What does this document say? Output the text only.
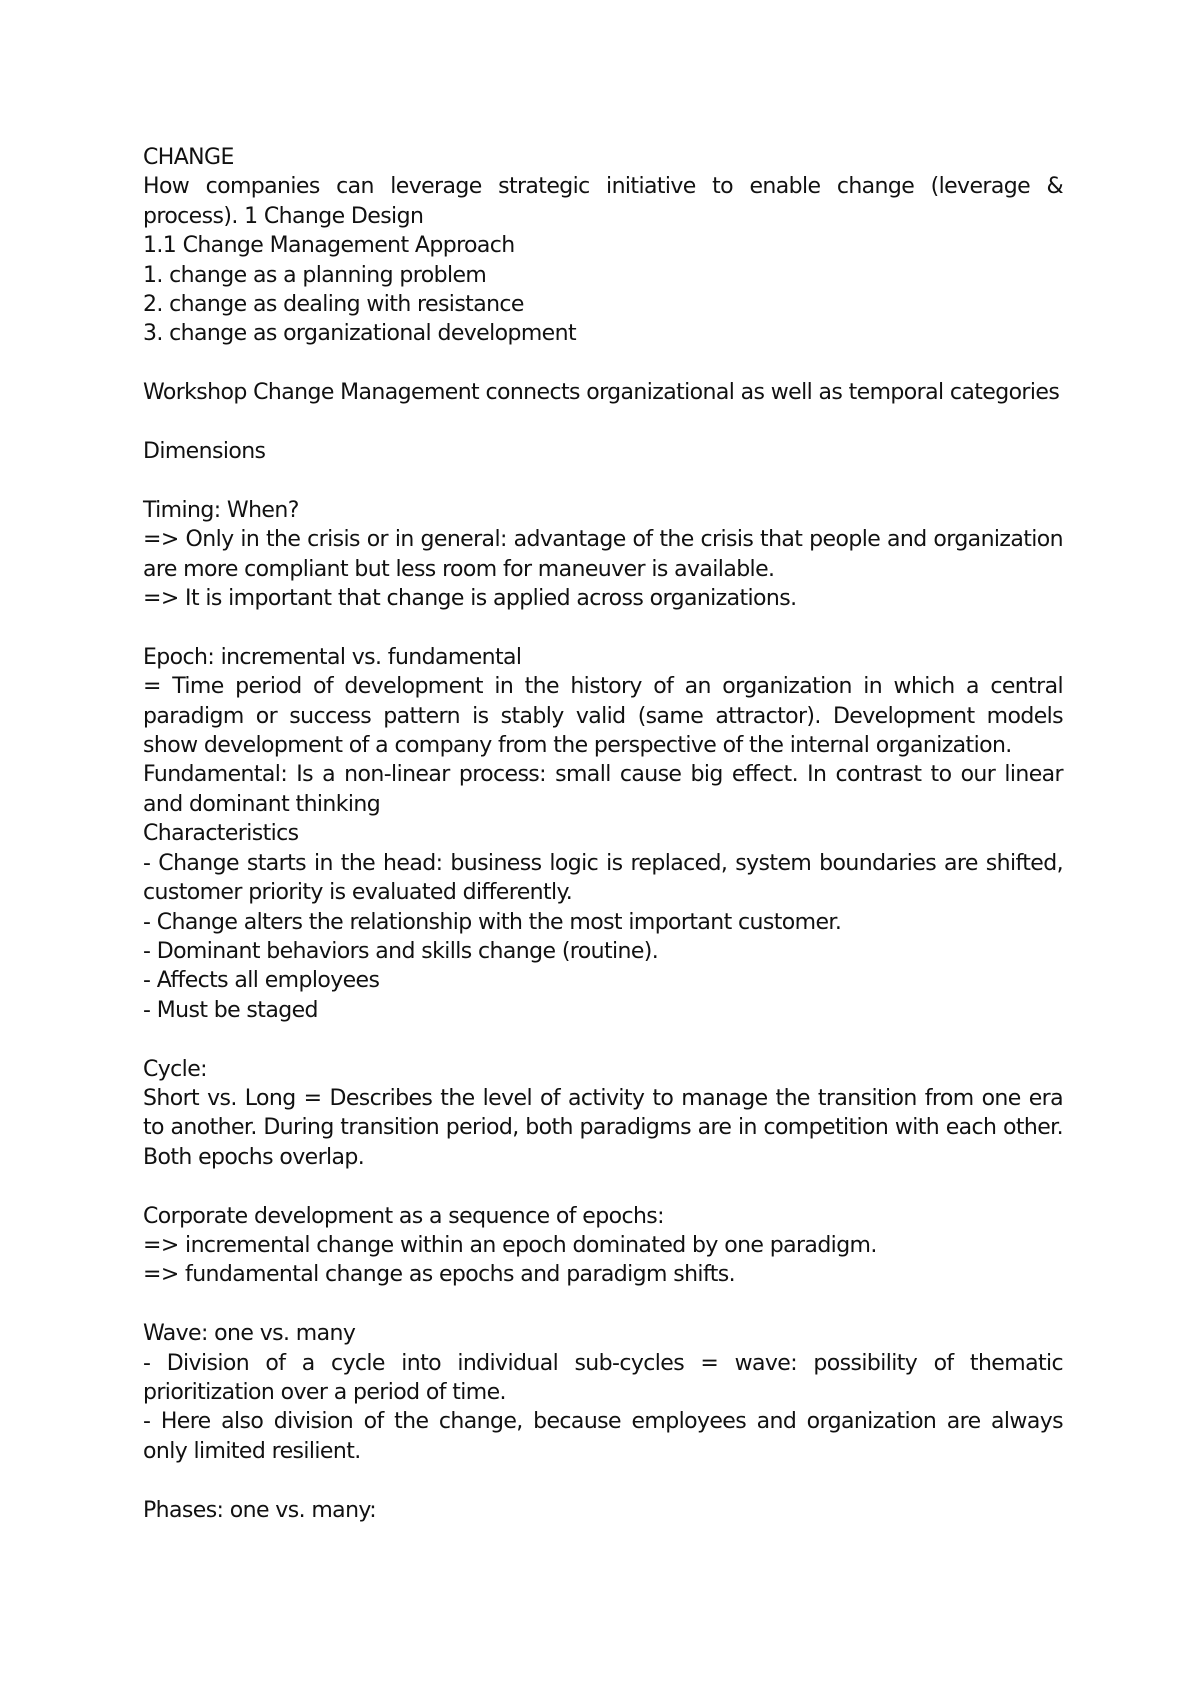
CHANGE

How companies can leverage strategic initiative to enable change (leverage & process). 1 Change Design

1.1 Change Management Approach

1. change as a planning problem

2. change as dealing with resistance

3. change as organizational development

Workshop Change Management connects organizational as well as temporal categories

Dimensions

Timing: When?

=> Only in the crisis or in general: advantage of the crisis that people and organization are more compliant but less room for maneuver is available.

=> It is important that change is applied across organizations.

Epoch: incremental vs. fundamental

= Time period of development in the history of an organization in which a central paradigm or success pattern is stably valid (same attractor). Development models show development of a company from the perspective of the internal organization.

Fundamental: Is a non-linear process: small cause big effect. In contrast to our linear and dominant thinking

Characteristics

- Change starts in the head: business logic is replaced, system boundaries are shifted, customer priority is evaluated differently.

- Change alters the relationship with the most important customer.

- Dominant behaviors and skills change (routine).

- Affects all employees

- Must be staged

Cycle:

Short vs. Long = Describes the level of activity to manage the transition from one era to another. During transition period, both paradigms are in competition with each other. Both epochs overlap.

Corporate development as a sequence of epochs:

=> incremental change within an epoch dominated by one paradigm.

=> fundamental change as epochs and paradigm shifts.

Wave: one vs. many

- Division of a cycle into individual sub-cycles = wave: possibility of thematic prioritization over a period of time.

- Here also division of the change, because employees and organization are always only limited resilient.

Phases: one vs. many:
